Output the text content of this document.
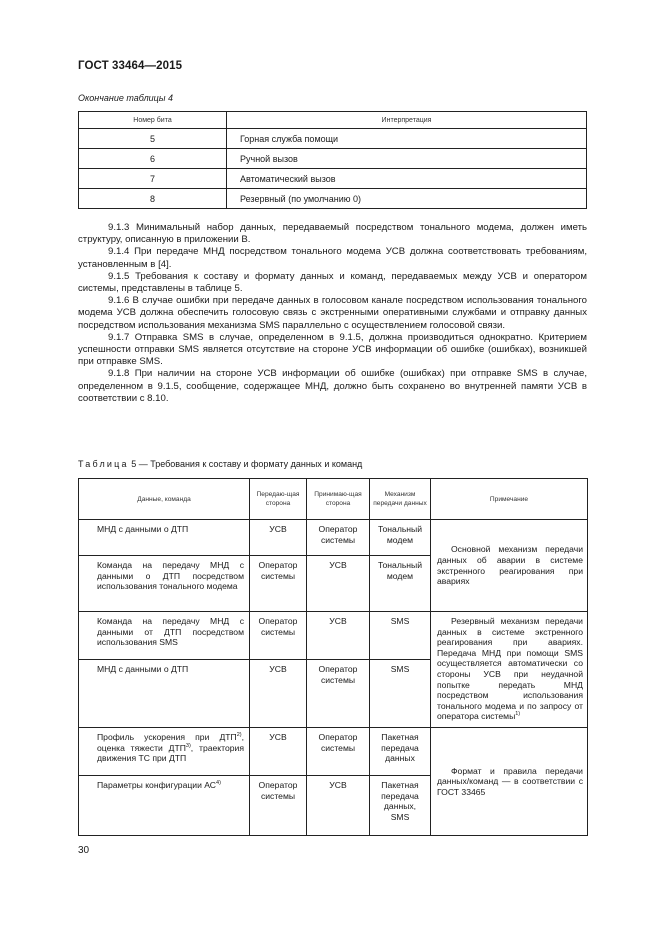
ГОСТ 33464—2015
Окончание таблицы 4
Номер бита	Интерпретация
5	Горная служба помощи
6	Ручной вызов
7	Автоматический вызов
8	Резервный (по умолчанию 0)

9.1.3 Минимальный набор данных, передаваемый посредством тонального модема, должен иметь структуру, описанную в приложении В.

9.1.4 При передаче МНД посредством тонального модема УСВ должна соответствовать требованиям, установленным в [4].

9.1.5 Требования к составу и формату данных и команд, передаваемых между УСВ и оператором системы, представлены в таблице 5.

9.1.6 В случае ошибки при передаче данных в голосовом канале посредством использования тонального модема УСВ должна обеспечить голосовую связь с экстренными оперативными службами и отправку данных посредством использования механизма SMS параллельно с осуществлением голосовой связи.

9.1.7 Отправка SMS в случае, определенном в 9.1.5, должна производиться однократно. Критерием успешности отправки SMS является отсутствие на стороне УСВ информации об ошибке (ошибках), возникшей при отправке SMS.

9.1.8 При наличии на стороне УСВ информации об ошибке (ошибках) при отправке SMS в случае, определенном в 9.1.5, сообщение, содержащее МНД, должно быть сохранено во внутренней памяти УСВ в соответствии с 8.10.

Таблица 5 — Требования к составу и формату данных и команд
Данные, команда	Передаю-щая сторона	Принимаю-щая сторона	Механизм передачи данных	Примечание
МНД с данными о ДТП	УСВ	Оператор системы	Тональный модем	Основной механизм передачи данных об аварии в системе экстренного реагирования при авариях
Команда на передачу МНД с данными о ДТП посредством использования тонального модема	Оператор системы	УСВ	Тональный модем	
Команда на передачу МНД с данными от ДТП посредством использования SMS	Оператор системы	УСВ	SMS	Резервный механизм передачи данных в системе экстренного реагирования при авариях. Передача МНД при помощи SMS осуществляется автоматически со стороны УСВ при неудачной попытке передать МНД посредством использования тонального модема и по запросу от оператора системы$^{1)}$
МНД с данными о ДТП	УСВ	Оператор системы	SMS	
Профиль ускорения при ДТП$^{2)}$, оценка тяжести ДТП$^{3)}$, траектория движения ТС при ДТП	УСВ	Оператор системы	Пакетная передача данных	Формат и правила передачи данных/команд — в соответствии с ГОСТ 33465
Параметры конфигурации АС$^{4)}$	Оператор системы	УСВ	Пакетная передача данных, SMS	
30
